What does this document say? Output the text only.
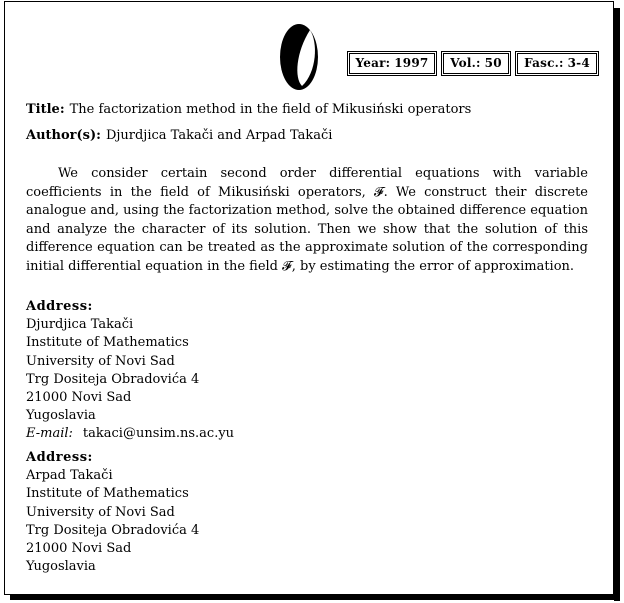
Year: 1997	Vol.: 50	Fasc.: 3-4
Title: The factorization method in the field of Mikusiński operators
Author(s): Djurdjica Takači and Arpad Takači

We consider certain second order differential equations with variable coefficients in the field of Mikusiński operators, 𝓕. We construct their discrete analogue and, using the factorization method, solve the obtained difference equation and analyze the character of its solution. Then we show that the solution of this difference equation can be treated as the approximate solution of the corresponding initial differential equation in the field 𝓕, by estimating the error of approximation.

Address:
Djurdjica Takači
Institute of Mathematics
University of Novi Sad
Trg Dositeja Obradovića 4
21000 Novi Sad
Yugoslavia
E-mail: takaci@unsim.ns.ac.yu
Address:
Arpad Takači
Institute of Mathematics
University of Novi Sad
Trg Dositeja Obradovića 4
21000 Novi Sad
Yugoslavia
